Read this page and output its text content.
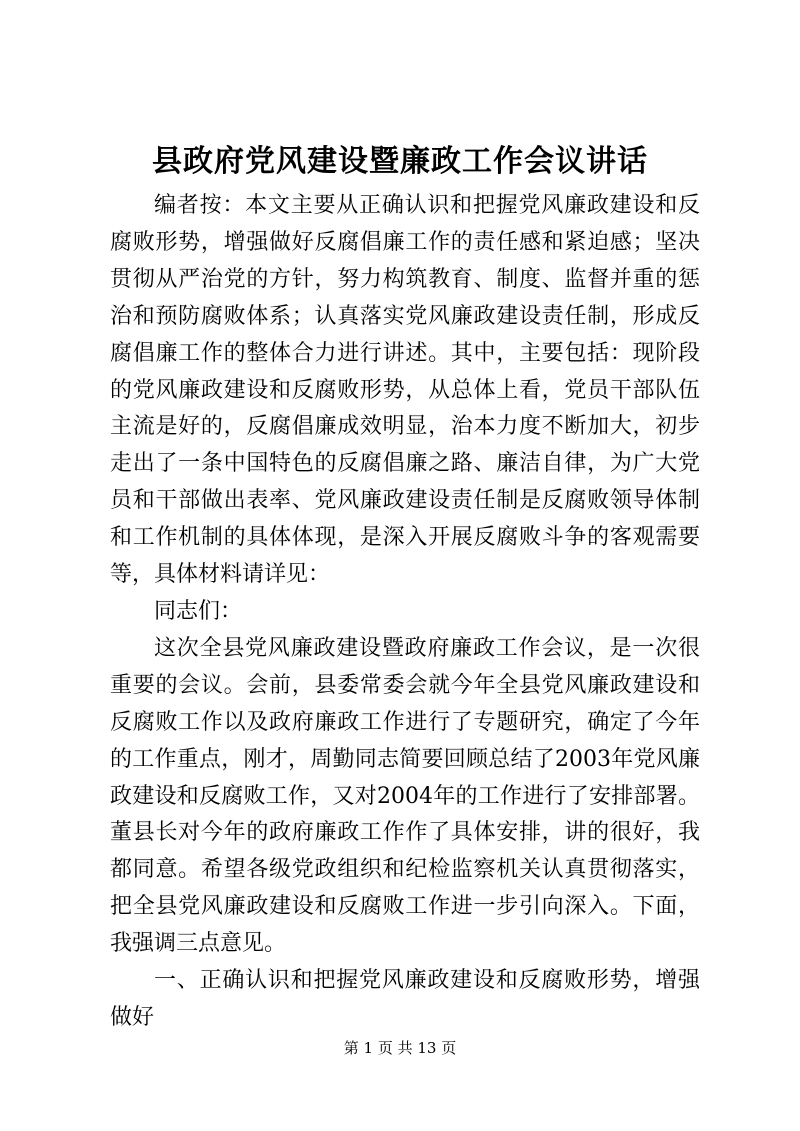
县政府党风建设暨廉政工作会议讲话

编者按：本文主要从正确认识和把握党风廉政建设和反腐败形势，增强做好反腐倡廉工作的责任感和紧迫感；坚决贯彻从严治党的方针，努力构筑教育、制度、监督并重的惩治和预防腐败体系；认真落实党风廉政建设责任制，形成反腐倡廉工作的整体合力进行讲述。其中，主要包括：现阶段的党风廉政建设和反腐败形势，从总体上看，党员干部队伍主流是好的，反腐倡廉成效明显，治本力度不断加大，初步走出了一条中国特色的反腐倡廉之路、廉洁自律，为广大党员和干部做出表率、党风廉政建设责任制是反腐败领导体制和工作机制的具体体现，是深入开展反腐败斗争的客观需要等，具体材料请详见：

同志们：

这次全县党风廉政建设暨政府廉政工作会议，是一次很重要的会议。会前，县委常委会就今年全县党风廉政建设和反腐败工作以及政府廉政工作进行了专题研究，确定了今年的工作重点，刚才，周勤同志简要回顾总结了2003年党风廉政建设和反腐败工作，又对2004年的工作进行了安排部署。董县长对今年的政府廉政工作作了具体安排，讲的很好，我都同意。希望各级党政组织和纪检监察机关认真贯彻落实，把全县党风廉政建设和反腐败工作进一步引向深入。下面，我强调三点意见。

一、正确认识和把握党风廉政建设和反腐败形势，增强做好

第 1 页 共 13 页
